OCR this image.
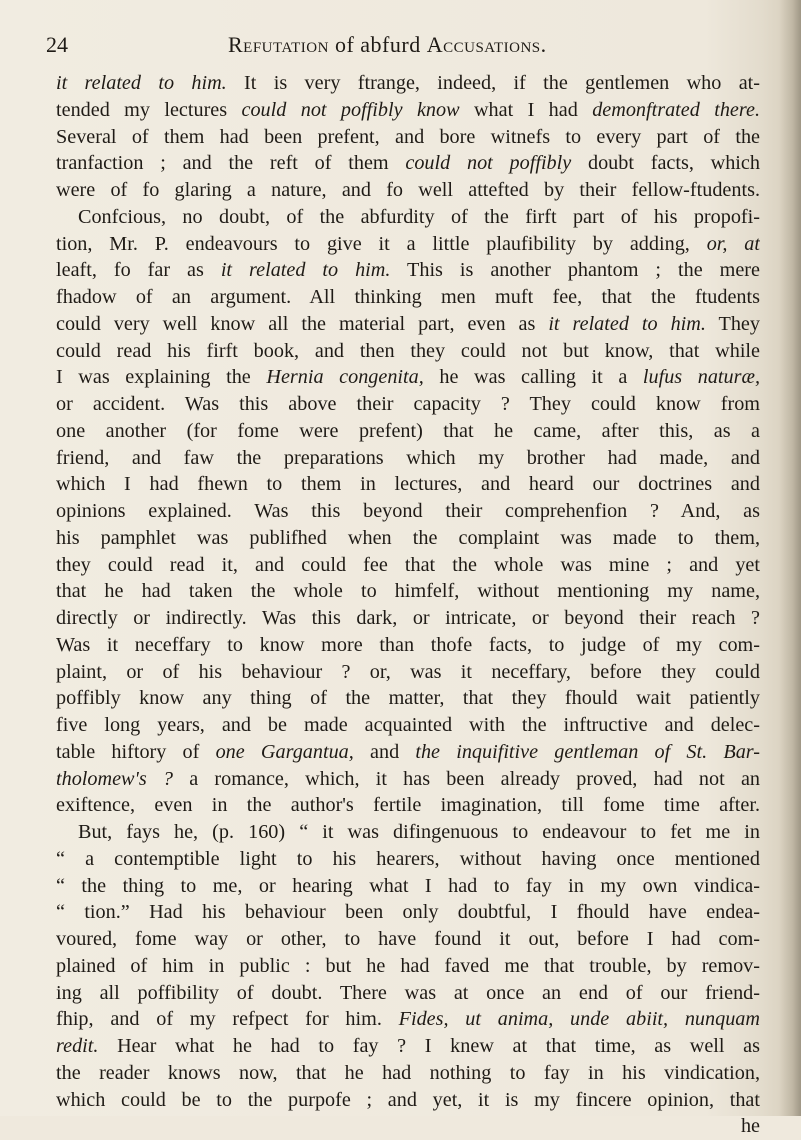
24	Refutation of abfurd Accusations.
it related to him. It is very ftrange, indeed, if the gentlemen who at-
tended my lectures could not poffibly know what I had demonftrated there.
Several of them had been prefent, and bore witnefs to every part of the
tranfaction ; and the reft of them could not poffibly doubt facts, which
were of fo glaring a nature, and fo well attefted by their fellow-ftudents.
Confcious, no doubt, of the abfurdity of the firft part of his propofi-
tion, Mr. P. endeavours to give it a little plaufibility by adding, or, at
leaft, fo far as it related to him. This is another phantom ; the mere
fhadow of an argument. All thinking men muft fee, that the ftudents
could very well know all the material part, even as it related to him. They
could read his firft book, and then they could not but know, that while
I was explaining the Hernia congenita, he was calling it a lufus naturæ,
or accident. Was this above their capacity ? They could know from
one another (for fome were prefent) that he came, after this, as a
friend, and faw the preparations which my brother had made, and
which I had fhewn to them in lectures, and heard our doctrines and
opinions explained. Was this beyond their comprehenfion ? And, as
his pamphlet was publifhed when the complaint was made to them,
they could read it, and could fee that the whole was mine ; and yet
that he had taken the whole to himfelf, without mentioning my name,
directly or indirectly. Was this dark, or intricate, or beyond their reach ?
Was it neceffary to know more than thofe facts, to judge of my com-
plaint, or of his behaviour ? or, was it neceffary, before they could
poffibly know any thing of the matter, that they fhould wait patiently
five long years, and be made acquainted with the inftructive and delec-
table hiftory of one Gargantua, and the inquifitive gentleman of St. Bar-
tholomew's ? a romance, which, it has been already proved, had not an
exiftence, even in the author's fertile imagination, till fome time after.
But, fays he, (p. 160) “ it was difingenuous to endeavour to fet me in
“ a contemptible light to his hearers, without having once mentioned
“ the thing to me, or hearing what I had to fay in my own vindica-
“ tion.” Had his behaviour been only doubtful, I fhould have endea-
voured, fome way or other, to have found it out, before I had com-
plained of him in public : but he had faved me that trouble, by remov-
ing all poffibility of doubt. There was at once an end of our friend-
fhip, and of my refpect for him. Fides, ut anima, unde abiit, nunquam
redit. Hear what he had to fay ? I knew at that time, as well as
the reader knows now, that he had nothing to fay in his vindication,
which could be to the purpofe ; and yet, it is my fincere opinion, that
he
